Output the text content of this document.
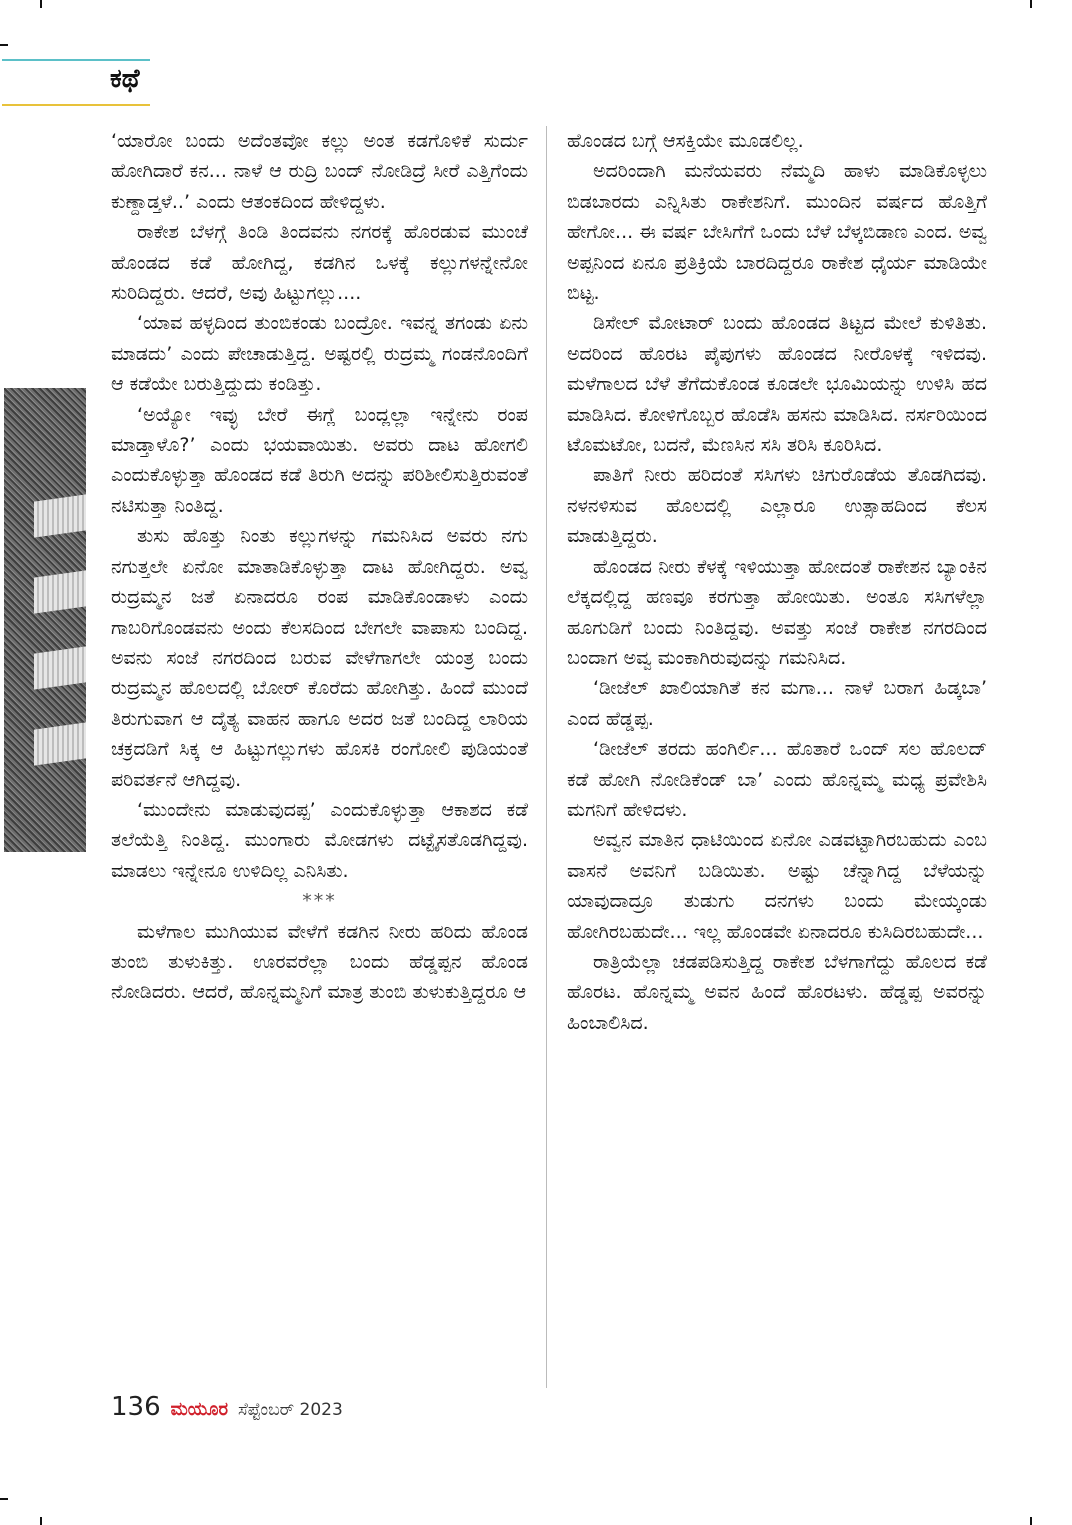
ಕಥೆ

‘ಯಾರೋ ಬಂದು ಅದೆಂತವೋ ಕಲ್ಲು ಅಂತ ಕಡಗೊಳಿಕೆ ಸುರ್ದು ಹೋಗಿದಾರೆ ಕನ... ನಾಳೆ ಆ ರುದ್ರಿ ಬಂದ್ ನೋಡಿದ್ರೆ ಸೀರೆ ಎತ್ತಿಗೆಂದು ಕುಣ್ದಾಡ್ತಳೆ..’ ಎಂದು ಆತಂಕದಿಂದ ಹೇಳಿದ್ದಳು.

ರಾಕೇಶ ಬೆಳಗ್ಗೆ ತಿಂಡಿ ತಿಂದವನು ನಗರಕ್ಕೆ ಹೊರಡುವ ಮುಂಚೆ ಹೊಂಡದ ಕಡೆ ಹೋಗಿದ್ದ, ಕಡಗಿನ ಒಳಕ್ಕೆ ಕಲ್ಲುಗಳನ್ನೇನೋ ಸುರಿದಿದ್ದರು. ಆದರೆ, ಅವು ಹಿಟ್ಟುಗಲ್ಲು....

‘ಯಾವ ಹಳ್ಳದಿಂದ ತುಂಬಿಕಂಡು ಬಂದ್ರೋ. ಇವನ್ನ ತಗಂಡು ಏನು ಮಾಡದು’ ಎಂದು ಪೇಚಾಡುತ್ತಿದ್ದ. ಅಷ್ಟರಲ್ಲಿ ರುದ್ರಮ್ಮ ಗಂಡನೊಂದಿಗೆ ಆ ಕಡೆಯೇ ಬರುತ್ತಿದ್ದುದು ಕಂಡಿತ್ತು.

‘ಅಯ್ಯೋ ಇವ್ಳು ಬೇರೆ ಈಗ್ಲೆ ಬಂದ್ಲಲ್ಲಾ ಇನ್ನೇನು ರಂಪ ಮಾಡ್ತಾಳೊ?’ ಎಂದು ಭಯವಾಯಿತು. ಅವರು ದಾಟ ಹೋಗಲಿ ಎಂದುಕೊಳ್ಳುತ್ತಾ ಹೊಂಡದ ಕಡೆ ತಿರುಗಿ ಅದನ್ನು ಪರಿಶೀಲಿಸುತ್ತಿರುವಂತೆ ನಟಿಸುತ್ತಾ ನಿಂತಿದ್ದ.

ತುಸು ಹೊತ್ತು ನಿಂತು ಕಲ್ಲುಗಳನ್ನು ಗಮನಿಸಿದ ಅವರು ನಗು ನಗುತ್ತಲೇ ಏನೋ ಮಾತಾಡಿಕೊಳ್ಳುತ್ತಾ ದಾಟ ಹೋಗಿದ್ದರು. ಅವ್ವ ರುದ್ರಮ್ಮನ ಜತೆ ಏನಾದರೂ ರಂಪ ಮಾಡಿಕೊಂಡಾಳು ಎಂದು ಗಾಬರಿಗೊಂಡವನು ಅಂದು ಕೆಲಸದಿಂದ ಬೇಗಲೇ ವಾಪಾಸು ಬಂದಿದ್ದ. ಅವನು ಸಂಜೆ ನಗರದಿಂದ ಬರುವ ವೇಳೆಗಾಗಲೇ ಯಂತ್ರ ಬಂದು ರುದ್ರಮ್ಮನ ಹೊಲದಲ್ಲಿ ಬೋರ್ ಕೊರೆದು ಹೋಗಿತ್ತು. ಹಿಂದೆ ಮುಂದೆ ತಿರುಗುವಾಗ ಆ ದೈತ್ಯ ವಾಹನ ಹಾಗೂ ಅದರ ಜತೆ ಬಂದಿದ್ದ ಲಾರಿಯ ಚಕ್ರದಡಿಗೆ ಸಿಕ್ಕ ಆ ಹಿಟ್ಟುಗಲ್ಲುಗಳು ಹೊಸಕಿ ರಂಗೋಲಿ ಪುಡಿಯಂತೆ ಪರಿವರ್ತನೆ ಆಗಿದ್ದವು.

‘ಮುಂದೇನು ಮಾಡುವುದಪ್ಪ’ ಎಂದುಕೊಳ್ಳುತ್ತಾ ಆಕಾಶದ ಕಡೆ ತಲೆಯೆತ್ತಿ ನಿಂತಿದ್ದ. ಮುಂಗಾರು ಮೋಡಗಳು ದಟ್ಟೈಸತೊಡಗಿದ್ದವು. ಮಾಡಲು ಇನ್ನೇನೂ ಉಳಿದಿಲ್ಲ ಎನಿಸಿತು.

***

ಮಳೆಗಾಲ ಮುಗಿಯುವ ವೇಳೆಗೆ ಕಡಗಿನ ನೀರು ಹರಿದು ಹೊಂಡ ತುಂಬಿ ತುಳುಕಿತ್ತು. ಊರವರೆಲ್ಲಾ ಬಂದು ಹೆಡ್ಡಪ್ಪನ ಹೊಂಡ ನೋಡಿದರು. ಆದರೆ, ಹೊನ್ನಮ್ಮನಿಗೆ ಮಾತ್ರ ತುಂಬಿ ತುಳುಕುತ್ತಿದ್ದರೂ ಆ

ಹೊಂಡದ ಬಗ್ಗೆ ಆಸಕ್ತಿಯೇ ಮೂಡಲಿಲ್ಲ.

ಅದರಿಂದಾಗಿ ಮನೆಯವರು ನೆಮ್ಮದಿ ಹಾಳು ಮಾಡಿಕೊಳ್ಳಲು ಬಿಡಬಾರದು ಎನ್ನಿಸಿತು ರಾಕೇಶನಿಗೆ. ಮುಂದಿನ ವರ್ಷದ ಹೊತ್ತಿಗೆ ಹೇಗೋ... ಈ ವರ್ಷ ಬೇಸಿಗೆಗೆ ಒಂದು ಬೆಳೆ ಬೆಳ್ಕಬಿಡಾಣ ಎಂದ. ಅವ್ವ ಅಪ್ಪನಿಂದ ಏನೂ ಪ್ರತಿಕ್ರಿಯೆ ಬಾರದಿದ್ದರೂ ರಾಕೇಶ ಧೈರ್ಯ ಮಾಡಿಯೇ ಬಿಟ್ಟ.

ಡಿಸೇಲ್ ಮೋಟಾರ್ ಬಂದು ಹೊಂಡದ ತಿಟ್ಟದ ಮೇಲೆ ಕುಳಿತಿತು. ಅದರಿಂದ ಹೊರಟ ಪೈಪುಗಳು ಹೊಂಡದ ನೀರೊಳಕ್ಕೆ ಇಳಿದವು. ಮಳೆಗಾಲದ ಬೆಳೆ ತೆಗೆದುಕೊಂಡ ಕೂಡಲೇ ಭೂಮಿಯನ್ನು ಉಳಿಸಿ ಹದ ಮಾಡಿಸಿದ. ಕೋಳಿಗೊಬ್ಬರ ಹೊಡೆಸಿ ಹಸನು ಮಾಡಿಸಿದ. ನರ್ಸರಿಯಿಂದ ಟೊಮಟೋ, ಬದನೆ, ಮೆಣಸಿನ ಸಸಿ ತರಿಸಿ ಕೂರಿಸಿದ.

ಪಾತಿಗೆ ನೀರು ಹರಿದಂತೆ ಸಸಿಗಳು ಚಿಗುರೊಡೆಯ ತೊಡಗಿದವು. ನಳನಳಿಸುವ ಹೊಲದಲ್ಲಿ ಎಲ್ಲಾರೂ ಉತ್ಸಾಹದಿಂದ ಕೆಲಸ ಮಾಡುತ್ತಿದ್ದರು.

ಹೊಂಡದ ನೀರು ಕೆಳಕ್ಕೆ ಇಳಿಯುತ್ತಾ ಹೋದಂತೆ ರಾಕೇಶನ ಬ್ಯಾಂಕಿನ ಲೆಕ್ಕದಲ್ಲಿದ್ದ ಹಣವೂ ಕರಗುತ್ತಾ ಹೋಯಿತು. ಅಂತೂ ಸಸಿಗಳೆಲ್ಲಾ ಹೂಗುಡಿಗೆ ಬಂದು ನಿಂತಿದ್ದವು. ಅವತ್ತು ಸಂಜೆ ರಾಕೇಶ ನಗರದಿಂದ ಬಂದಾಗ ಅವ್ವ ಮಂಕಾಗಿರುವುದನ್ನು ಗಮನಿಸಿದ.

‘ಡೀಜೆಲ್ ಖಾಲಿಯಾಗಿತೆ ಕನ ಮಗಾ... ನಾಳೆ ಬರಾಗ ಹಿಡ್ಕಬಾ’ ಎಂದ ಹೆಡ್ಡಪ್ಪ.

‘ಡೀಜೆಲ್ ತರದು ಹಂಗಿರ್ಲಿ... ಹೊತಾರೆ ಒಂದ್ ಸಲ ಹೊಲದ್ ಕಡೆ ಹೋಗಿ ನೋಡಿಕೆಂಡ್ ಬಾ’ ಎಂದು ಹೊನ್ನಮ್ಮ ಮಧ್ಯ ಪ್ರವೇಶಿಸಿ ಮಗನಿಗೆ ಹೇಳಿದಳು.

ಅವ್ವನ ಮಾತಿನ ಧಾಟಿಯಿಂದ ಏನೋ ಎಡವಟ್ಟಾಗಿರಬಹುದು ಎಂಬ ವಾಸನೆ ಅವನಿಗೆ ಬಡಿಯಿತು. ಅಷ್ಟು ಚೆನ್ನಾಗಿದ್ದ ಬೆಳೆಯನ್ನು ಯಾವುದಾದ್ರೂ ತುಡುಗು ದನಗಳು ಬಂದು ಮೇಯ್ಕಂಡು ಹೋಗಿರಬಹುದೇ... ಇಲ್ಲ ಹೊಂಡವೇ ಏನಾದರೂ ಕುಸಿದಿರಬಹುದೇ...

ರಾತ್ರಿಯೆಲ್ಲಾ ಚಡಪಡಿಸುತ್ತಿದ್ದ ರಾಕೇಶ ಬೆಳಗಾಗೆದ್ದು ಹೊಲದ ಕಡೆ ಹೊರಟ. ಹೊನ್ನಮ್ಮ ಅವನ ಹಿಂದೆ ಹೊರಟಳು. ಹೆಡ್ಡಪ್ಪ ಅವರನ್ನು ಹಿಂಬಾಲಿಸಿದ.

136 ಮಯೂರ ಸೆಪ್ಟೆಂಬರ್ 2023
